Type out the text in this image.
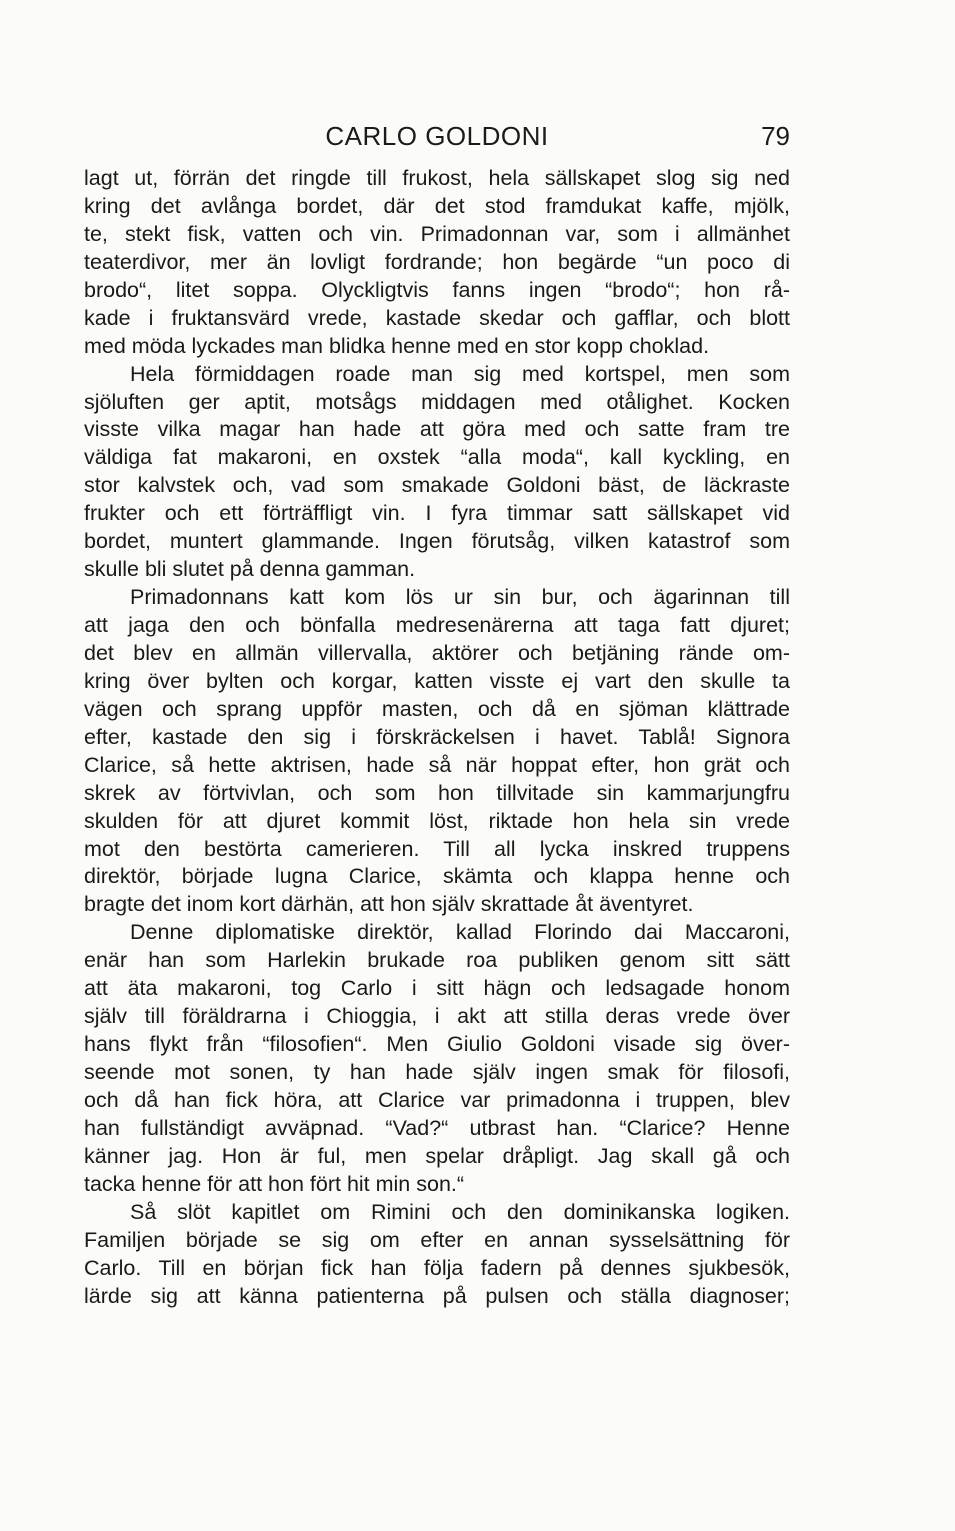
CARLO GOLDONI	79
lagt ut, förrän det ringde till frukost, hela sällskapet slog sig ned
kring det avlånga bordet, där det stod framdukat kaffe, mjölk,
te, stekt fisk, vatten och vin. Primadonnan var, som i allmänhet
teaterdivor, mer än lovligt fordrande; hon begärde “un poco di
brodo“, litet soppa. Olyckligtvis fanns ingen “brodo“; hon rå-
kade i fruktansvärd vrede, kastade skedar och gafflar, och blott
med möda lyckades man blidka henne med en stor kopp choklad.
Hela förmiddagen roade man sig med kortspel, men som
sjöluften ger aptit, motsågs middagen med otålighet. Kocken
visste vilka magar han hade att göra med och satte fram tre
väldiga fat makaroni, en oxstek “alla moda“, kall kyckling, en
stor kalvstek och, vad som smakade Goldoni bäst, de läckraste
frukter och ett förträffligt vin. I fyra timmar satt sällskapet vid
bordet, muntert glammande. Ingen förutsåg, vilken katastrof som
skulle bli slutet på denna gamman.
Primadonnans katt kom lös ur sin bur, och ägarinnan till
att jaga den och bönfalla medresenärerna att taga fatt djuret;
det blev en allmän villervalla, aktörer och betjäning rände om-
kring över bylten och korgar, katten visste ej vart den skulle ta
vägen och sprang uppför masten, och då en sjöman klättrade
efter, kastade den sig i förskräckelsen i havet. Tablå! Signora
Clarice, så hette aktrisen, hade så när hoppat efter, hon grät och
skrek av förtvivlan, och som hon tillvitade sin kammarjungfru
skulden för att djuret kommit löst, riktade hon hela sin vrede
mot den bestörta camerieren. Till all lycka inskred truppens
direktör, började lugna Clarice, skämta och klappa henne och
bragte det inom kort därhän, att hon själv skrattade åt äventyret.
Denne diplomatiske direktör, kallad Florindo dai Maccaroni,
enär han som Harlekin brukade roa publiken genom sitt sätt
att äta makaroni, tog Carlo i sitt hägn och ledsagade honom
själv till föräldrarna i Chioggia, i akt att stilla deras vrede över
hans flykt från “filosofien“. Men Giulio Goldoni visade sig över-
seende mot sonen, ty han hade själv ingen smak för filosofi,
och då han fick höra, att Clarice var primadonna i truppen, blev
han fullständigt avväpnad. “Vad?“ utbrast han. “Clarice? Henne
känner jag. Hon är ful, men spelar dråpligt. Jag skall gå och
tacka henne för att hon fört hit min son.“
Så slöt kapitlet om Rimini och den dominikanska logiken.
Familjen började se sig om efter en annan sysselsättning för
Carlo. Till en början fick han följa fadern på dennes sjukbesök,
lärde sig att känna patienterna på pulsen och ställa diagnoser;
